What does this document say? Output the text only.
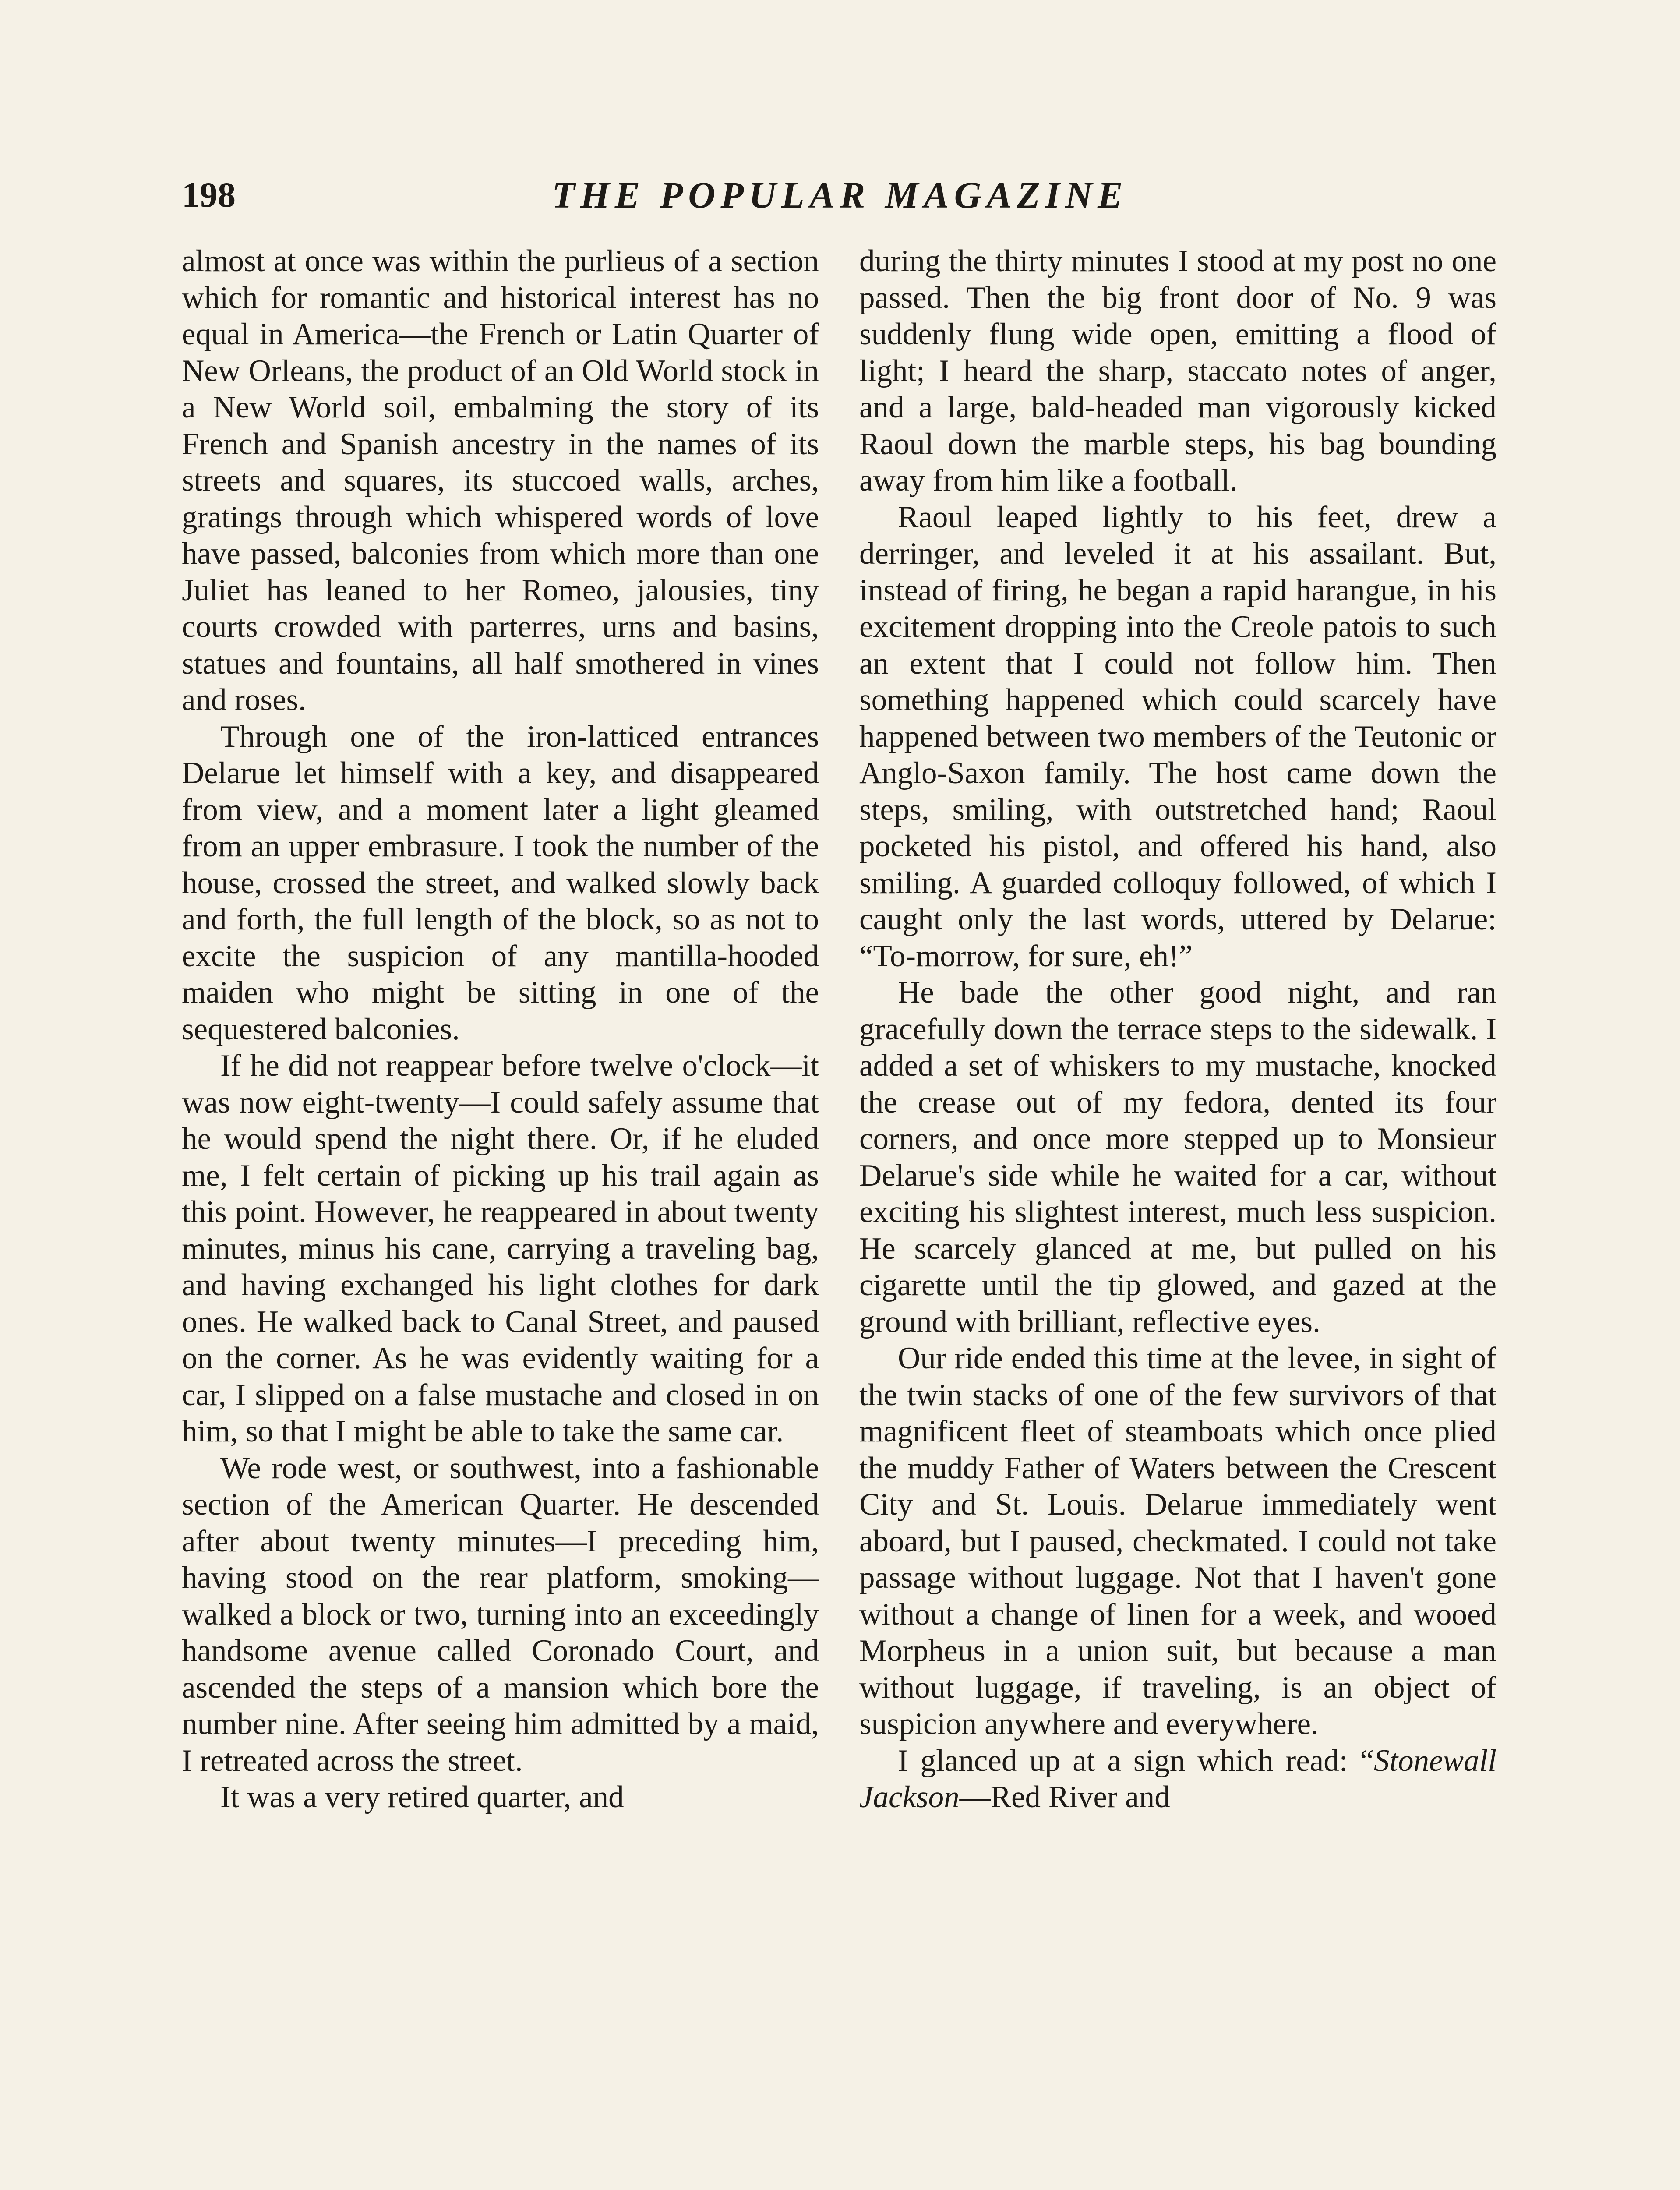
198	THE POPULAR MAGAZINE

almost at once was within the purlieus of a section which for romantic and historical interest has no equal in America—the French or Latin Quarter of New Orleans, the product of an Old World stock in a New World soil, embalming the story of its French and Spanish ancestry in the names of its streets and squares, its stuccoed walls, arches, gratings through which whispered words of love have passed, balconies from which more than one Juliet has leaned to her Romeo, jalousies, tiny courts crowded with parterres, urns and basins, statues and fountains, all half smothered in vines and roses.

Through one of the iron-latticed entrances Delarue let himself with a key, and disappeared from view, and a moment later a light gleamed from an upper embrasure. I took the number of the house, crossed the street, and walked slowly back and forth, the full length of the block, so as not to excite the suspicion of any mantilla-hooded maiden who might be sitting in one of the sequestered balconies.

If he did not reappear before twelve o'clock—it was now eight-twenty—I could safely assume that he would spend the night there. Or, if he eluded me, I felt certain of picking up his trail again as this point. However, he reappeared in about twenty minutes, minus his cane, carrying a traveling bag, and having exchanged his light clothes for dark ones. He walked back to Canal Street, and paused on the corner. As he was evidently waiting for a car, I slipped on a false mustache and closed in on him, so that I might be able to take the same car.

We rode west, or southwest, into a fashionable section of the American Quarter. He descended after about twenty minutes—I preceding him, having stood on the rear platform, smoking—walked a block or two, turning into an exceedingly handsome avenue called Coronado Court, and ascended the steps of a mansion which bore the number nine. After seeing him admitted by a maid, I retreated across the street.

It was a very retired quarter, and

during the thirty minutes I stood at my post no one passed. Then the big front door of No. 9 was suddenly flung wide open, emitting a flood of light; I heard the sharp, staccato notes of anger, and a large, bald-headed man vigorously kicked Raoul down the marble steps, his bag bounding away from him like a football.

Raoul leaped lightly to his feet, drew a derringer, and leveled it at his assailant. But, instead of firing, he began a rapid harangue, in his excitement dropping into the Creole patois to such an extent that I could not follow him. Then something happened which could scarcely have happened between two members of the Teutonic or Anglo-Saxon family. The host came down the steps, smiling, with outstretched hand; Raoul pocketed his pistol, and offered his hand, also smiling. A guarded colloquy followed, of which I caught only the last words, uttered by Delarue: “To-morrow, for sure, eh!”

He bade the other good night, and ran gracefully down the terrace steps to the sidewalk. I added a set of whiskers to my mustache, knocked the crease out of my fedora, dented its four corners, and once more stepped up to Monsieur Delarue's side while he waited for a car, without exciting his slightest interest, much less suspicion. He scarcely glanced at me, but pulled on his cigarette until the tip glowed, and gazed at the ground with brilliant, reflective eyes.

Our ride ended this time at the levee, in sight of the twin stacks of one of the few survivors of that magnificent fleet of steamboats which once plied the muddy Father of Waters between the Crescent City and St. Louis. Delarue immediately went aboard, but I paused, checkmated. I could not take passage without luggage. Not that I haven't gone without a change of linen for a week, and wooed Morpheus in a union suit, but because a man without luggage, if traveling, is an object of suspicion anywhere and everywhere.

I glanced up at a sign which read: “Stonewall Jackson—Red River and
